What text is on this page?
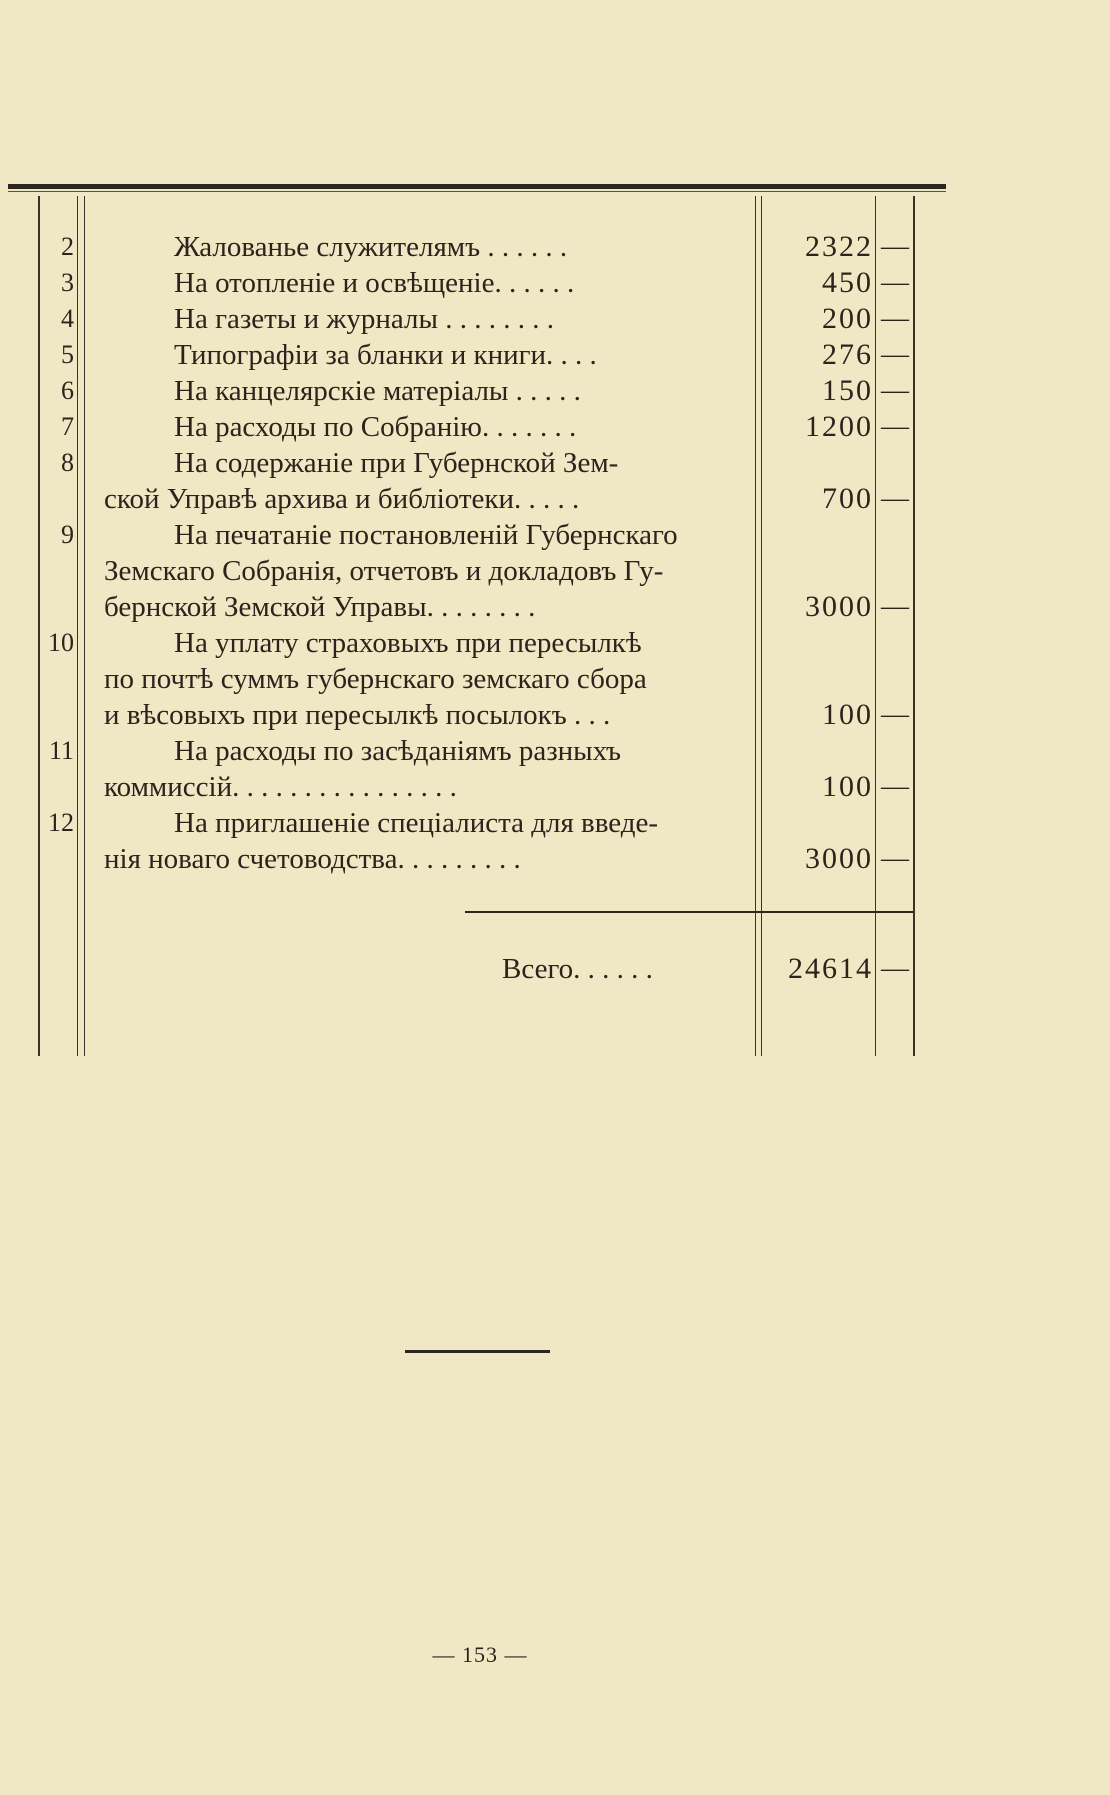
2	Жалованье служителямъ . . . . . .	2322 —
3	На отопленіе и освѣщеніе. . . . . .	450 —
4	На газеты и журналы . . . . . . . .	200 —
5	Типографіи за бланки и книги. . . .	276 —
6	На канцелярскіе матеріалы . . . . .	150 —
7	На расходы по Собранію. . . . . . .	1200 —
8	На содержаніе при Губернской Зем-
ской Управѣ архива и библіотеки. . . . .	700 —
9	На печатаніе постановленій Губернскаго
Земскаго Собранія, отчетовъ и докладовъ Гу-
бернской Земской Управы. . . . . . . .	3000 —
10	На уплату страховыхъ при пересылкѣ
по почтѣ суммъ губернскаго земскаго сбора
и вѣсовыхъ при пересылкѣ посылокъ . . .	100 —
11	На расходы по засѣданіямъ разныхъ
коммиссій. . . . . . . . . . . . . . . .	100 —
12	На приглашеніе спеціалиста для введе-
нія новаго счетоводства. . . . . . . . .	3000 —
Всего. . . . . .	24614 —
— 153 —
